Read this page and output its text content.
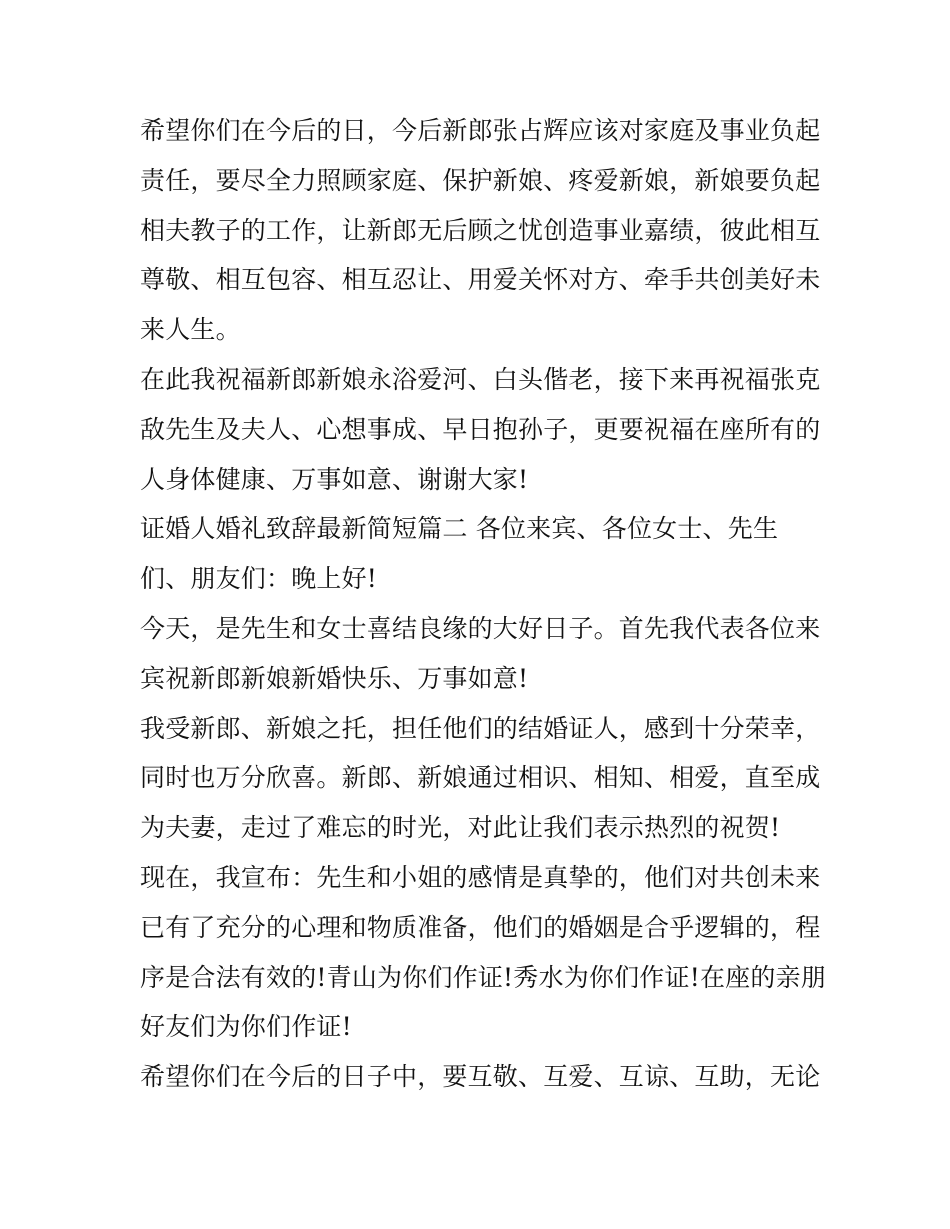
希望你们在今后的日，今后新郎张占辉应该对家庭及事业负起
责任，要尽全力照顾家庭、保护新娘、疼爱新娘，新娘要负起
相夫教子的工作，让新郎无后顾之忧创造事业嘉绩，彼此相互
尊敬、相互包容、相互忍让、用爱关怀对方、牵手共创美好未
来人生。
在此我祝福新郎新娘永浴爱河、白头偕老，接下来再祝福张克
敌先生及夫人、心想事成、早日抱孙子，更要祝福在座所有的
人身体健康、万事如意、谢谢大家!
证婚人婚礼致辞最新简短篇二 各位来宾、各位女士、先生
们、朋友们：晚上好!
今天，是先生和女士喜结良缘的大好日子。首先我代表各位来
宾祝新郎新娘新婚快乐、万事如意!
我受新郎、新娘之托，担任他们的结婚证人，感到十分荣幸，
同时也万分欣喜。新郎、新娘通过相识、相知、相爱，直至成
为夫妻，走过了难忘的时光，对此让我们表示热烈的祝贺!
现在，我宣布：先生和小姐的感情是真挚的，他们对共创未来
已有了充分的心理和物质准备，他们的婚姻是合乎逻辑的，程
序是合法有效的!青山为你们作证!秀水为你们作证!在座的亲朋
好友们为你们作证!
希望你们在今后的日子中，要互敬、互爱、互谅、互助，无论
